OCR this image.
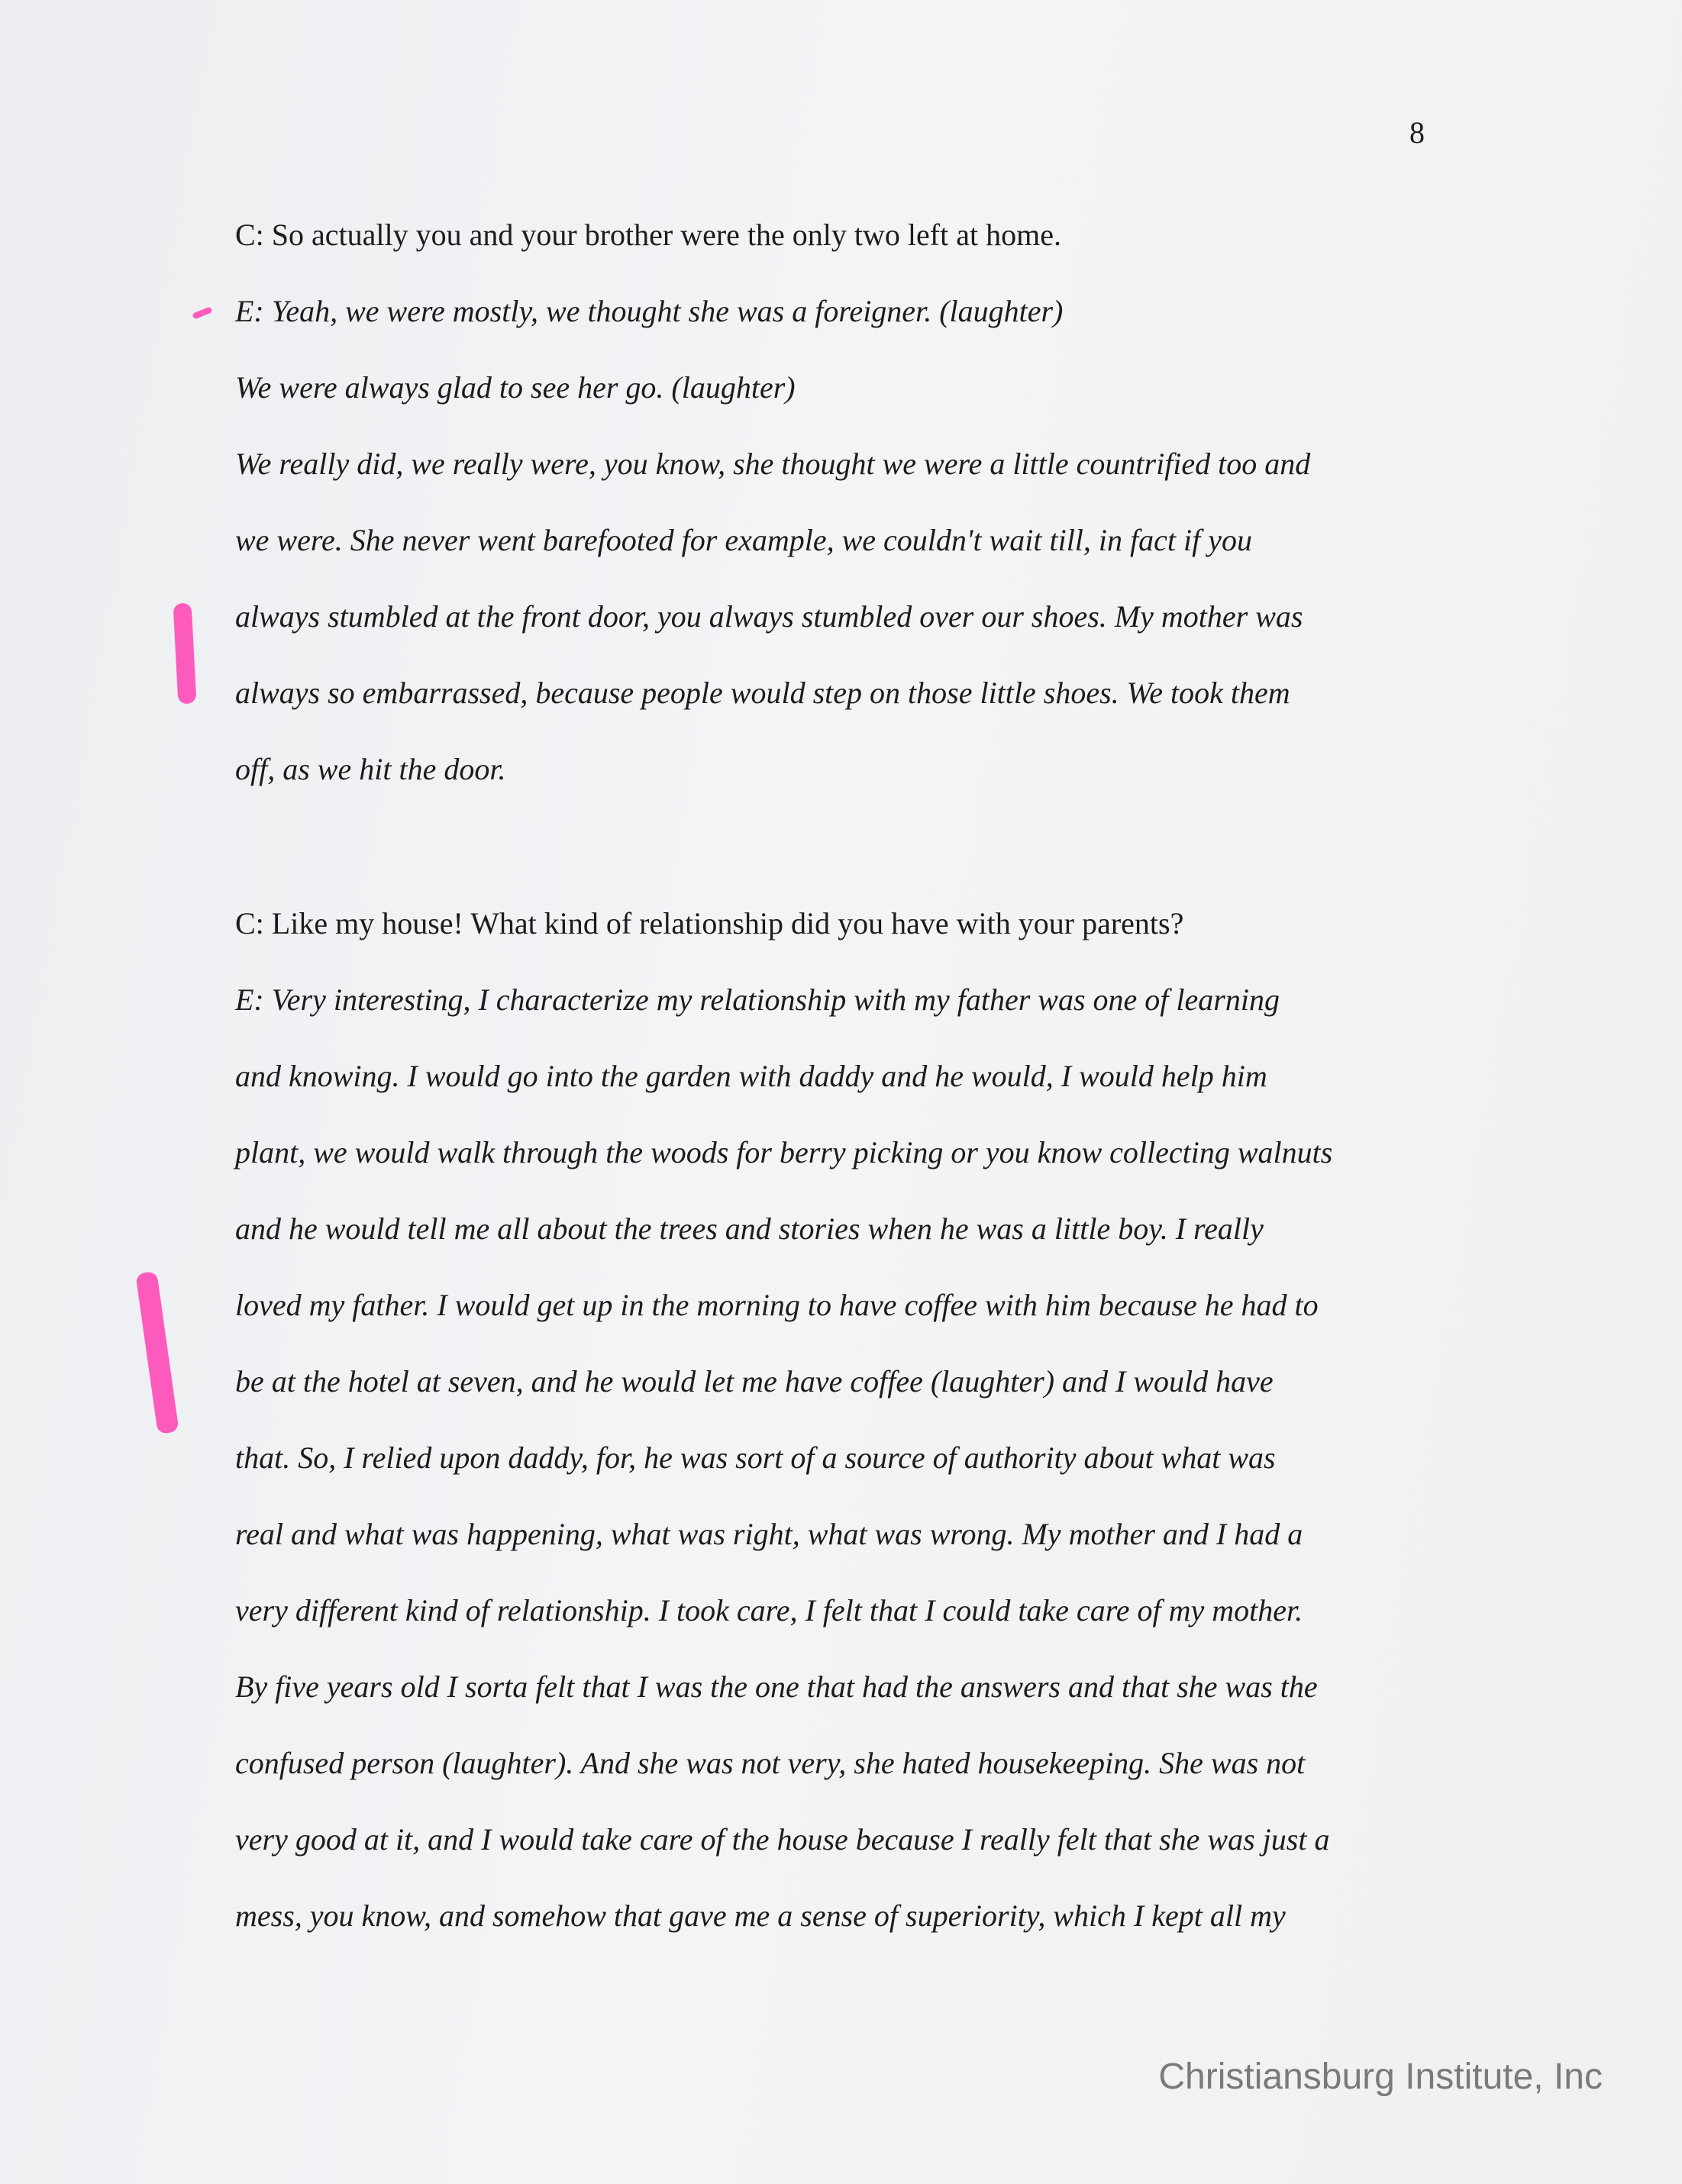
8
C: So actually you and your brother were the only two left at home.
E: Yeah, we were mostly, we thought she was a foreigner. (laughter)
We were always glad to see her go. (laughter)
We really did, we really were, you know, she thought we were a little countrified too and
we were. She never went barefooted for example, we couldn't wait till, in fact if you
always stumbled at the front door, you always stumbled over our shoes. My mother was
always so embarrassed, because people would step on those little shoes. We took them
off, as we hit the door.
C: Like my house! What kind of relationship did you have with your parents?
E: Very interesting, I characterize my relationship with my father was one of learning
and knowing. I would go into the garden with daddy and he would, I would help him
plant, we would walk through the woods for berry picking or you know collecting walnuts
and he would tell me all about the trees and stories when he was a little boy. I really
loved my father. I would get up in the morning to have coffee with him because he had to
be at the hotel at seven, and he would let me have coffee (laughter) and I would have
that. So, I relied upon daddy, for, he was sort of a source of authority about what was
real and what was happening, what was right, what was wrong. My mother and I had a
very different kind of relationship. I took care, I felt that I could take care of my mother.
By five years old I sorta felt that I was the one that had the answers and that she was the
confused person (laughter). And she was not very, she hated housekeeping. She was not
very good at it, and I would take care of the house because I really felt that she was just a
mess, you know, and somehow that gave me a sense of superiority, which I kept all my
Christiansburg Institute, Inc
